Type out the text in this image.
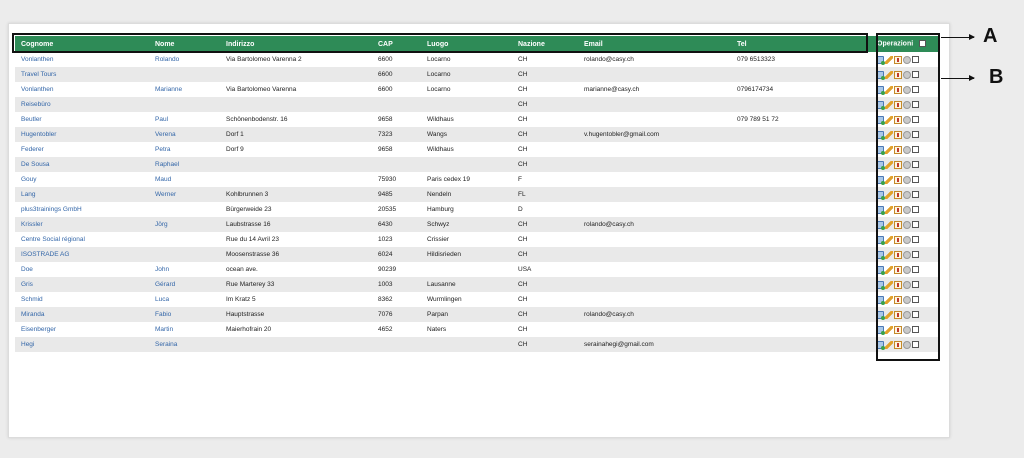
Cognome	Nome	Indirizzo	CAP	Luogo	Nazione	Email	Tel	Operazioni
Vonlanthen	Rolando	Via Bartolomeo Varenna 2	6600	Locarno	CH	rolando@casy.ch	079 6513323	
Travel Tours			6600	Locarno	CH			
Vonlanthen	Marianne	Via Bartolomeo Varenna	6600	Locarno	CH	marianne@casy.ch	0796174734	
Reisebüro					CH			
Beutler	Paul	Schönenbodenstr. 16	9658	Wildhaus	CH		079 789 51 72	
Hugentobler	Verena	Dorf 1	7323	Wangs	CH	v.hugentobler@gmail.com		
Federer	Petra	Dorf 9	9658	Wildhaus	CH			
De Sousa	Raphael				CH			
Gouy	Maud		75930	Paris cedex 19	F			
Lang	Werner	Kohlbrunnen 3	9485	Nendeln	FL			
plus3trainings GmbH		Bürgerweide 23	20535	Hamburg	D			
Krissler	Jörg	Laubstrasse 16	6430	Schwyz	CH	rolando@casy.ch		
Centre Social régional		Rue du 14 Avril 23	1023	Crissier	CH			
ISOSTRADE AG		Moosenstrasse 36	6024	Hildisrieden	CH			
Doe	John	ocean ave.	90239		USA			
Gris	Gérard	Rue Marterey 33	1003	Lausanne	CH			
Schmid	Luca	Im Kratz 5	8362	Wurmlingen	CH			
Miranda	Fabio	Hauptstrasse	7076	Parpan	CH	rolando@casy.ch		
Eisenberger	Martin	Maierhofrain 20	4652	Naters	CH			
Hegi	Seraina				CH	serainahegi@gmail.com		
A
B
